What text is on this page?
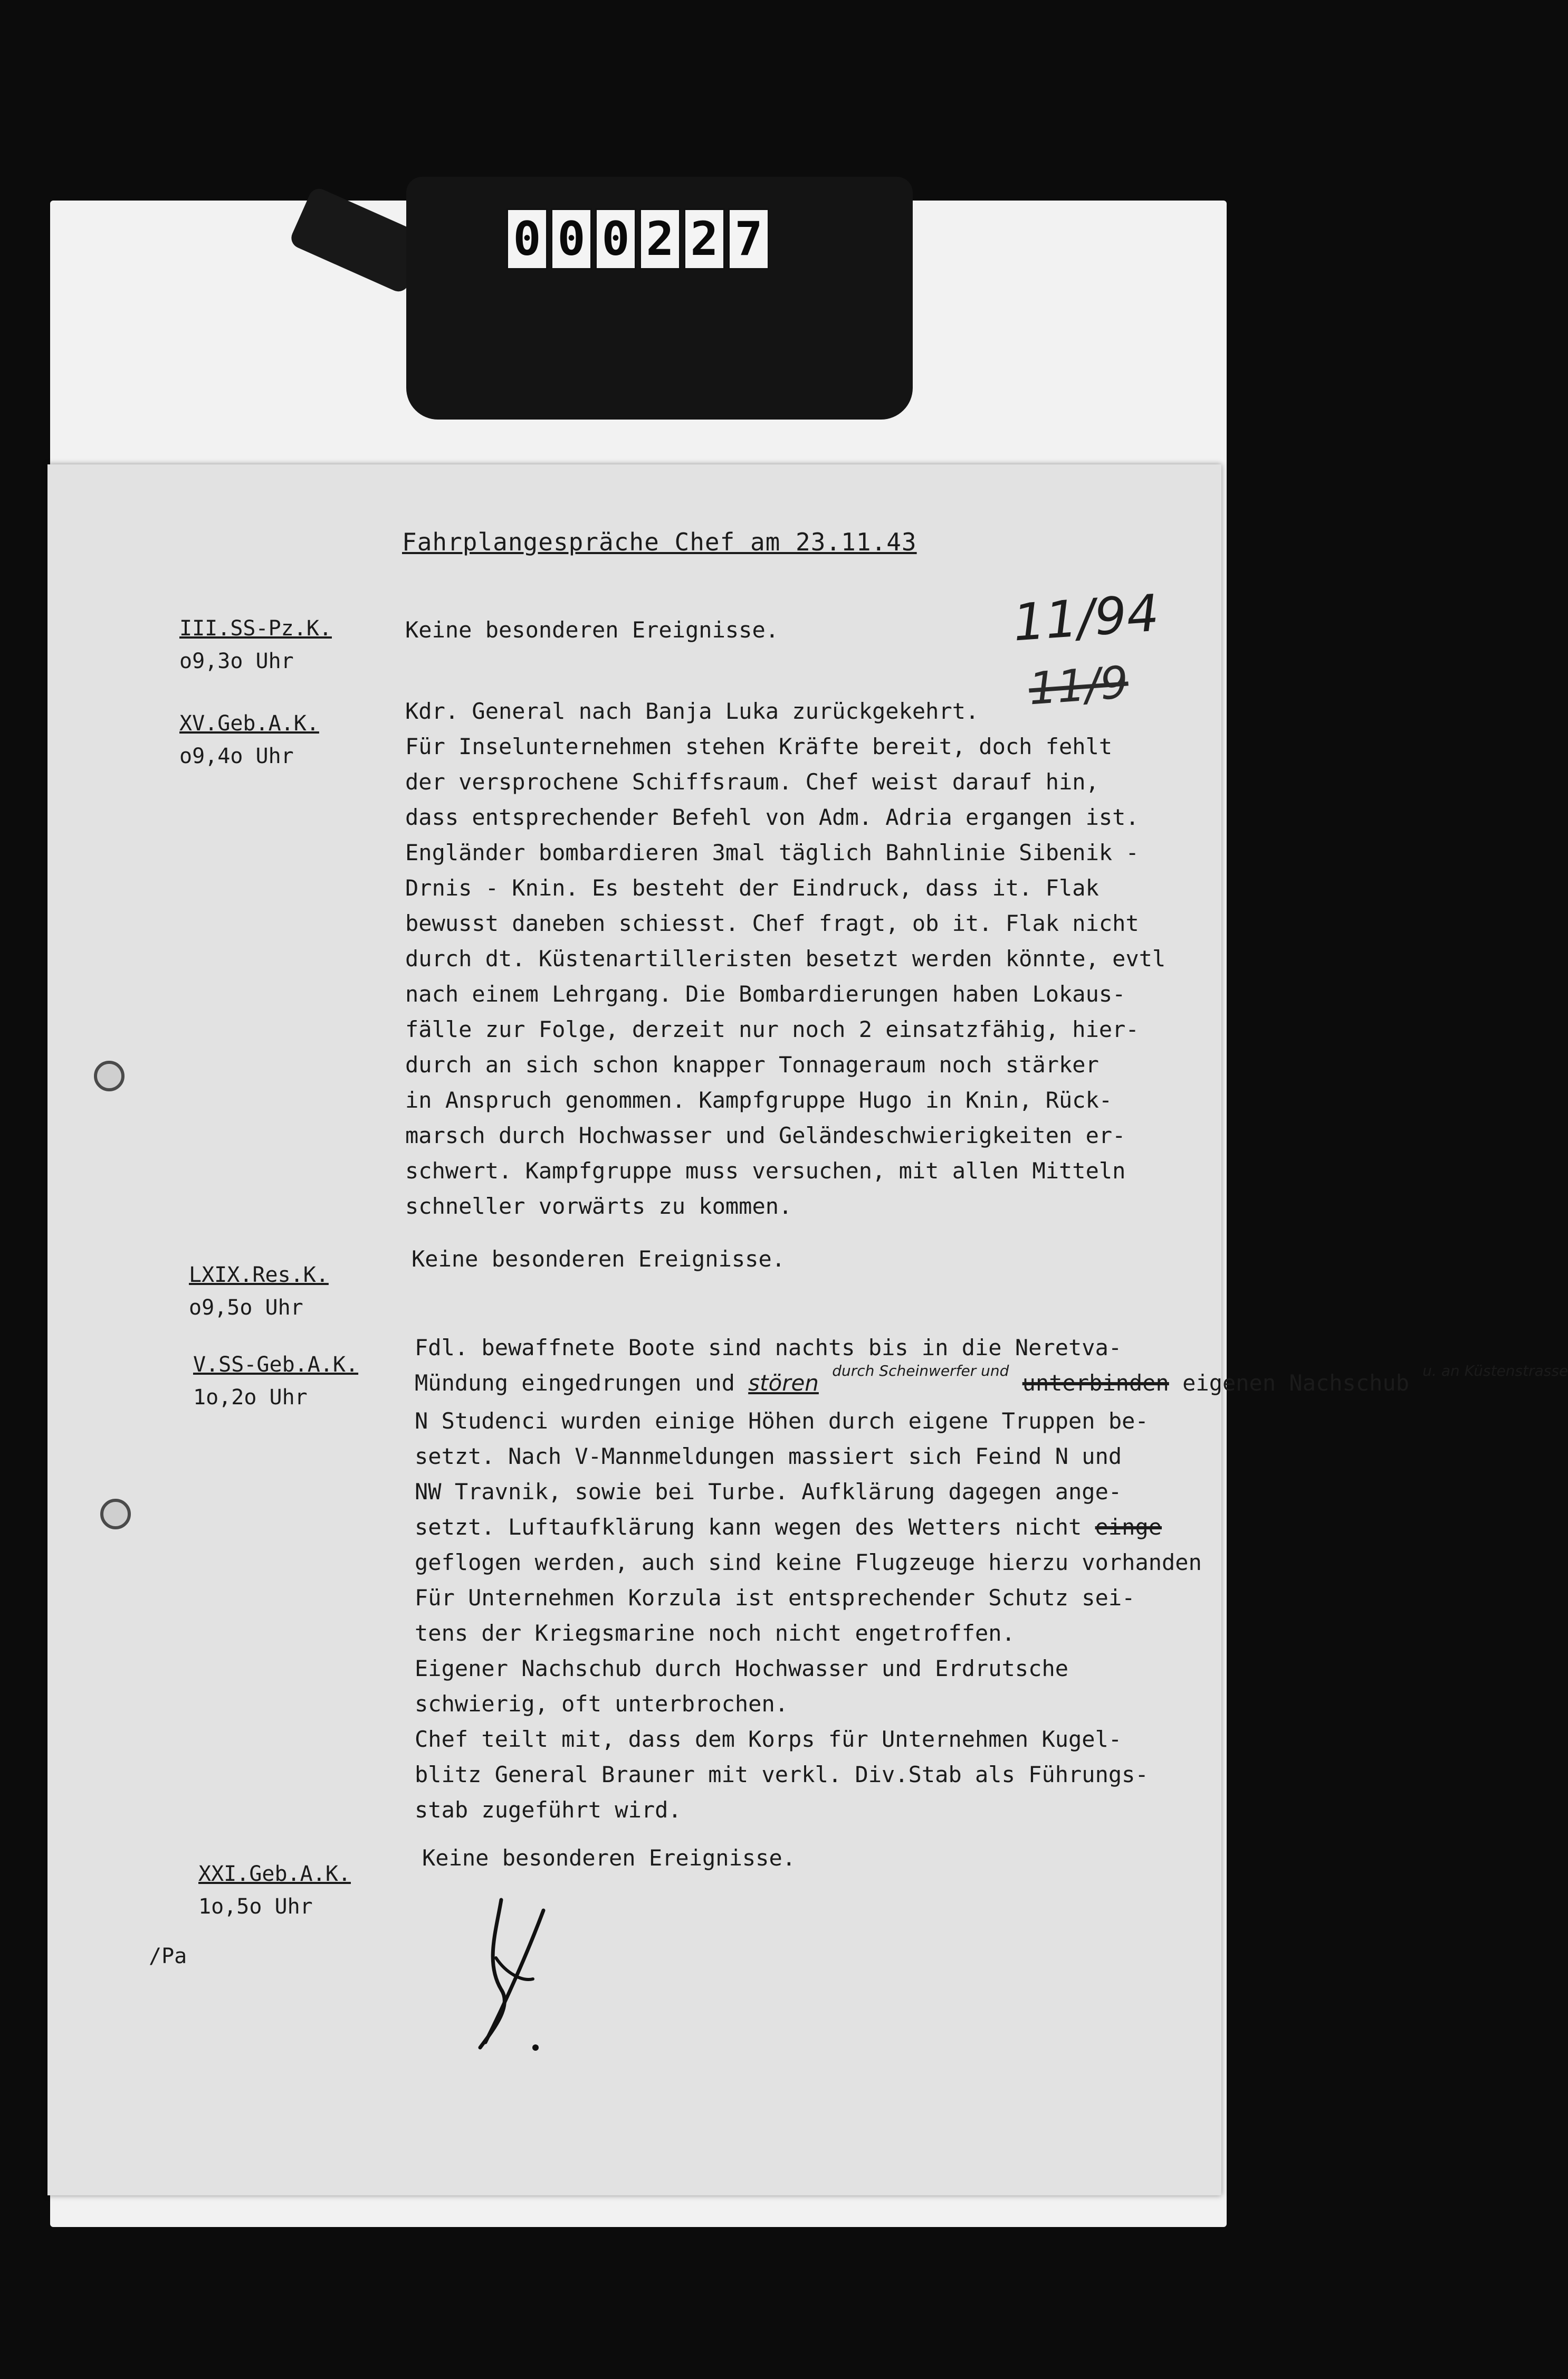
0 0 0 2 2 7
Fahrplangespräche Chef am 23.11.43
11/94
11/9
III.SS-Pz.K.
o9,3o Uhr
Keine besonderen Ereignisse.
XV.Geb.A.K.
o9,4o Uhr
Kdr. General nach Banja Luka zurückgekehrt.
Für Inselunternehmen stehen Kräfte bereit, doch fehlt
der versprochene Schiffsraum. Chef weist darauf hin,
dass entsprechender Befehl von Adm. Adria ergangen ist.
Engländer bombardieren 3mal täglich Bahnlinie Sibenik -
Drnis - Knin. Es besteht der Eindruck, dass it. Flak
bewusst daneben schiesst. Chef fragt, ob it. Flak nicht
durch dt. Küstenartilleristen besetzt werden könnte, evtl
nach einem Lehrgang. Die Bombardierungen haben Lokaus-
fälle zur Folge, derzeit nur noch 2 einsatzfähig, hier-
durch an sich schon knapper Tonnageraum noch stärker
in Anspruch genommen. Kampfgruppe Hugo in Knin, Rück-
marsch durch Hochwasser und Geländeschwierigkeiten er-
schwert. Kampfgruppe muss versuchen, mit allen Mitteln
schneller vorwärts zu kommen.
LXIX.Res.K.
o9,5o Uhr
Keine besonderen Ereignisse.
V.SS-Geb.A.K.
1o,2o Uhr
Fdl. bewaffnete Boote sind nachts bis in die Neretva-
Mündung eingedrungen und stören $^{durch Scheinwerfer und}$ unterbinden eigenen Nachschub $^{u. an Küstenstrasse}$
N Studenci wurden einige Höhen durch eigene Truppen be-
setzt. Nach V-Mannmeldungen massiert sich Feind N und
NW Travnik, sowie bei Turbe. Aufklärung dagegen ange-
setzt. Luftaufklärung kann wegen des Wetters nicht einge
geflogen werden, auch sind keine Flugzeuge hierzu vorhanden
Für Unternehmen Korzula ist entsprechender Schutz sei-
tens der Kriegsmarine noch nicht engetroffen.
Eigener Nachschub durch Hochwasser und Erdrutsche
schwierig, oft unterbrochen.
Chef teilt mit, dass dem Korps für Unternehmen Kugel-
blitz General Brauner mit verkl. Div.Stab als Führungs-
stab zugeführt wird.
XXI.Geb.A.K.
1o,5o Uhr
Keine besonderen Ereignisse.
/Pa
